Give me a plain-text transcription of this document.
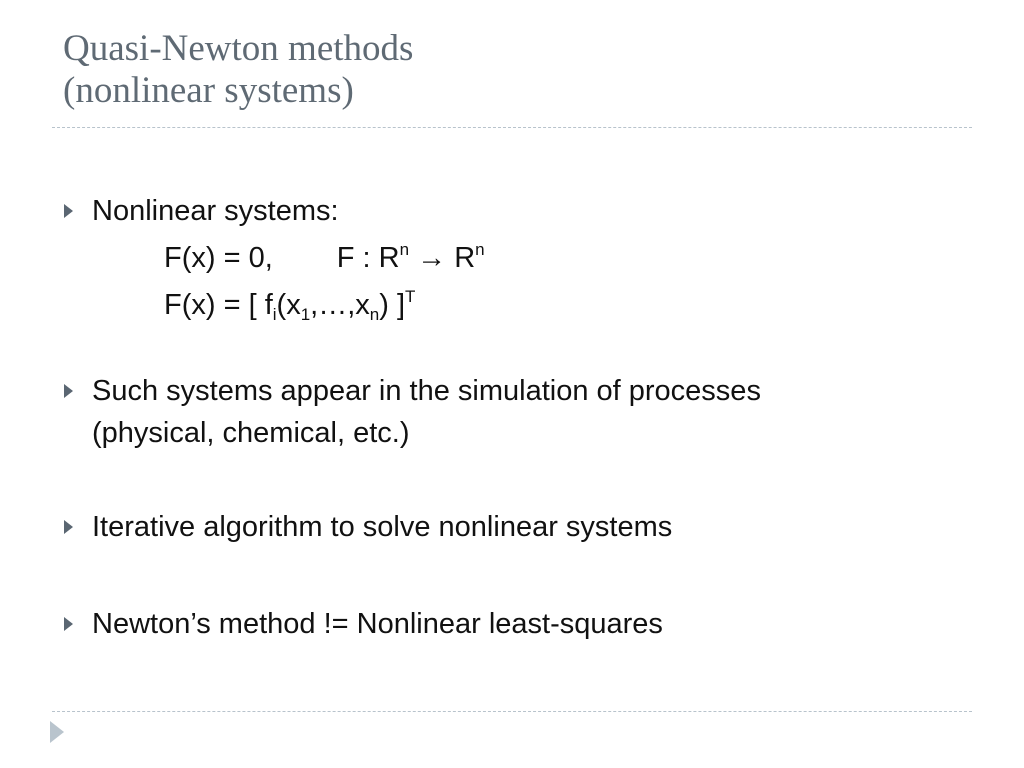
Quasi-Newton methods
(nonlinear systems)
Nonlinear systems:
F(x) = 0, F : $R^n \to R^n$
F(x) = [ $f_i(x_1,\dots,x_n)$ ]$^T$
Such systems appear in the simulation of processes
(physical, chemical, etc.)
Iterative algorithm to solve nonlinear systems
Newton’s method != Nonlinear least-squares
